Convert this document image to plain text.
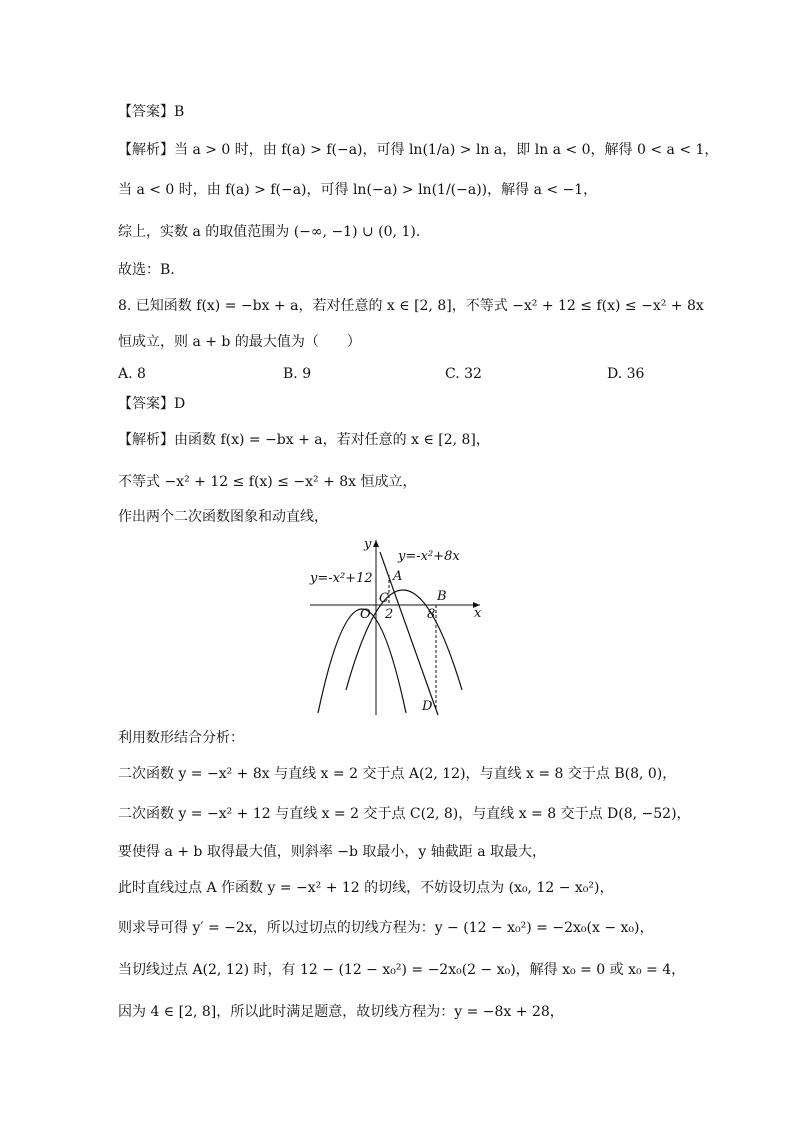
【答案】B
【解析】当 a > 0 时，由 f(a) > f(−a)，可得 ln(1/a) > ln a，即 ln a < 0，解得 0 < a < 1，
当 a < 0 时，由 f(a) > f(−a)，可得 ln(−a) > ln(1/(−a))，解得 a < −1，
综上，实数 a 的取值范围为 (−∞, −1) ∪ (0, 1).
故选：B.
8. 已知函数 f(x) = −bx + a，若对任意的 x ∈ [2, 8]，不等式 −x² + 12 ≤ f(x) ≤ −x² + 8x
恒成立，则 a + b 的最大值为（　　）
A. 8	B. 9	C. 32	D. 36
【答案】D
【解析】由函数 f(x) = −bx + a，若对任意的 x ∈ [2, 8]，
不等式 −x² + 12 ≤ f(x) ≤ −x² + 8x 恒成立，
作出两个二次函数图象和动直线，
y
x
y=-x²+8x
y=-x²+12 A
C
O 2	8
B
D
利用数形结合分析：
二次函数 y = −x² + 8x 与直线 x = 2 交于点 A(2, 12)，与直线 x = 8 交于点 B(8, 0)，
二次函数 y = −x² + 12 与直线 x = 2 交于点 C(2, 8)，与直线 x = 8 交于点 D(8, −52)，
要使得 a + b 取得最大值，则斜率 −b 取最小，y 轴截距 a 取最大，
此时直线过点 A 作函数 y = −x² + 12 的切线，不妨设切点为 (x₀, 12 − x₀²)，
则求导可得 y′ = −2x，所以过切点的切线方程为：y − (12 − x₀²) = −2x₀(x − x₀)，
当切线过点 A(2, 12) 时，有 12 − (12 − x₀²) = −2x₀(2 − x₀)，解得 x₀ = 0 或 x₀ = 4，
因为 4 ∈ [2, 8]，所以此时满足题意，故切线方程为：y = −8x + 28，
